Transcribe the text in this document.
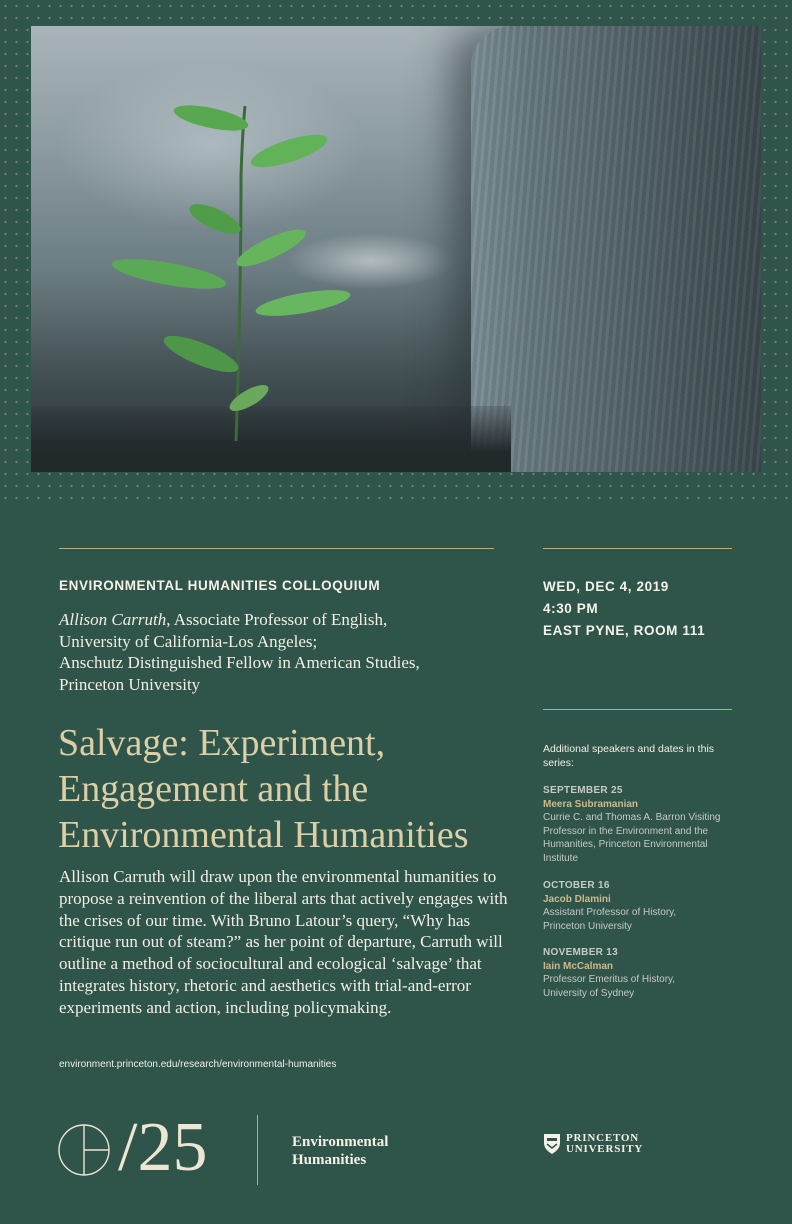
ENVIRONMENTAL HUMANITIES COLLOQUIUM
Allison Carruth, Associate Professor of English,
University of California-Los Angeles;
Anschutz Distinguished Fellow in American Studies,
Princeton University
Salvage: Experiment, Engagement and the Environmental Humanities
Allison Carruth will draw upon the environmental humanities to propose a reinvention of the liberal arts that actively engages with the crises of our time. With Bruno Latour’s query, “Why has critique run out of steam?” as her point of departure, Carruth will outline a method of sociocultural and ecological ‘salvage’ that integrates history, rhetoric and aesthetics with trial-and-error experiments and action, including policymaking.
environment.princeton.edu/research/environmental-humanities
WED, DEC 4, 2019
4:30 PM
EAST PYNE, ROOM 111
Additional speakers and dates in this series:
SEPTEMBER 25
Meera Subramanian
Currie C. and Thomas A. Barron Visiting Professor in the Environment and the Humanities, Princeton Environmental Institute
OCTOBER 16
Jacob Dlamini
Assistant Professor of History, Princeton University
NOVEMBER 13
Iain McCalman
Professor Emeritus of History, University of Sydney
/25	Environmental
Humanities
PRINCETON
UNIVERSITY
